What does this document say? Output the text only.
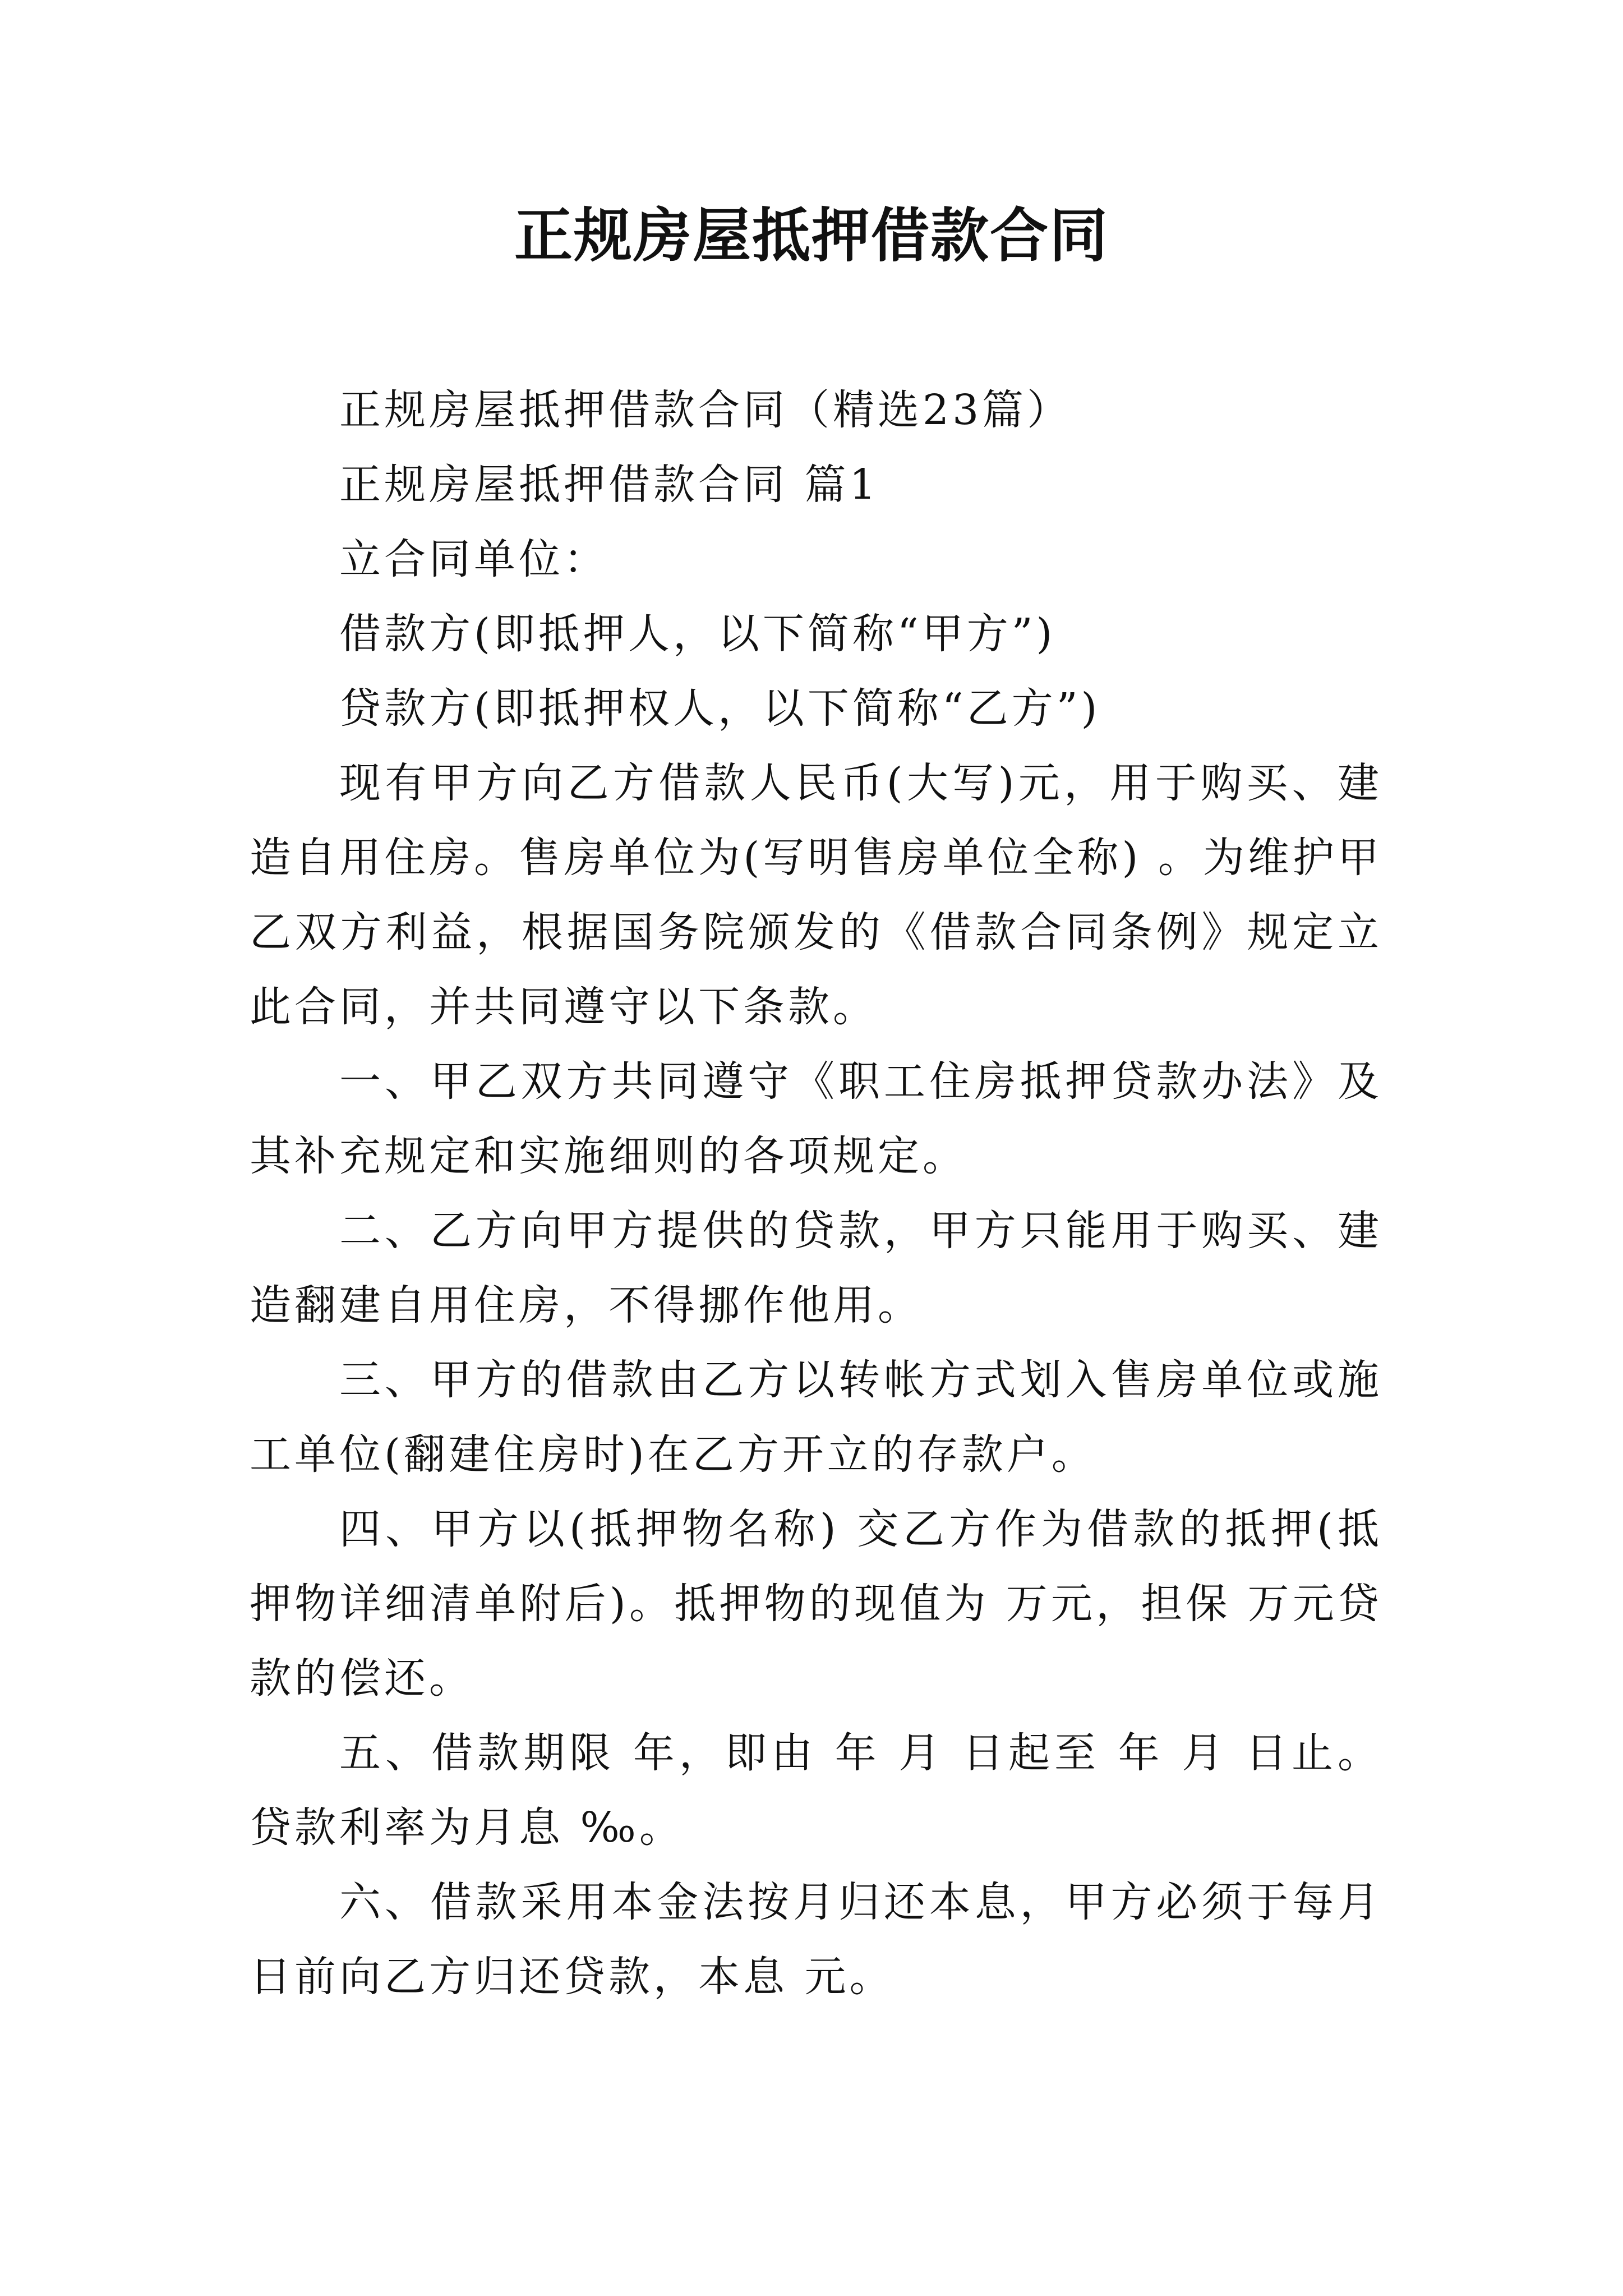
正规房屋抵押借款合同

正规房屋抵押借款合同（精选23篇）

正规房屋抵押借款合同 篇1

立合同单位：

借款方(即抵押人，以下简称“甲方”)

贷款方(即抵押权人，以下简称“乙方”)

现有甲方向乙方借款人民币(大写)元，用于购买、建造自用住房。售房单位为(写明售房单位全称) 。为维护甲乙双方利益，根据国务院颁发的《借款合同条例》规定立此合同，并共同遵守以下条款。

一、甲乙双方共同遵守《职工住房抵押贷款办法》及其补充规定和实施细则的各项规定。

二、乙方向甲方提供的贷款，甲方只能用于购买、建造翻建自用住房，不得挪作他用。

三、甲方的借款由乙方以转帐方式划入售房单位或施工单位(翻建住房时)在乙方开立的存款户。

四、甲方以(抵押物名称) 交乙方作为借款的抵押(抵押物详细清单附后)。抵押物的现值为 万元，担保 万元贷款的偿还。

五、借款期限 年，即由 年 月 日起至 年 月 日止。贷款利率为月息 ‰。

六、借款采用本金法按月归还本息，甲方必须于每月 日前向乙方归还贷款，本息 元。
